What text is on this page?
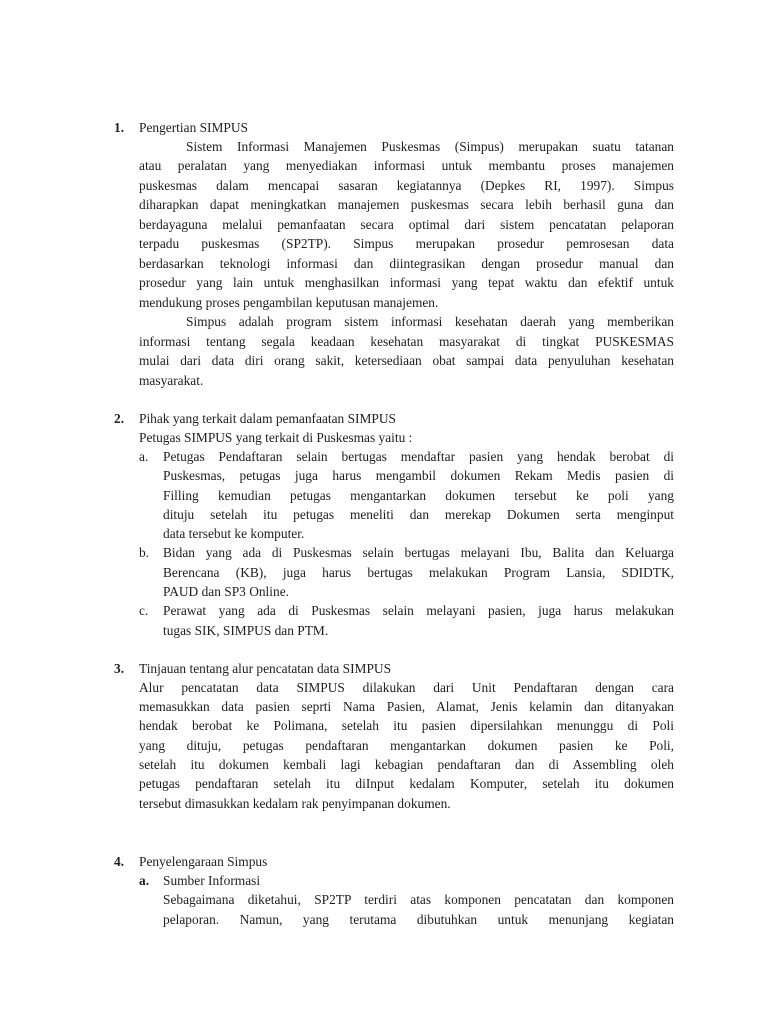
1. Pengertian SIMPUS
Sistem Informasi Manajemen Puskesmas (Simpus) merupakan suatu tatanan
atau peralatan yang menyediakan informasi untuk membantu proses manajemen
puskesmas dalam mencapai sasaran kegiatannya (Depkes RI, 1997). Simpus
diharapkan dapat meningkatkan manajemen puskesmas secara lebih berhasil guna dan
berdayaguna melalui pemanfaatan secara optimal dari sistem pencatatan pelaporan
terpadu puskesmas (SP2TP). Simpus merupakan prosedur pemrosesan data
berdasarkan teknologi informasi dan diintegrasikan dengan prosedur manual dan
prosedur yang lain untuk menghasilkan informasi yang tepat waktu dan efektif untuk
mendukung proses pengambilan keputusan manajemen.
Simpus adalah program sistem informasi kesehatan daerah yang memberikan
informasi tentang segala keadaan kesehatan masyarakat di tingkat PUSKESMAS
mulai dari data diri orang sakit, ketersediaan obat sampai data penyuluhan kesehatan
masyarakat.
2. Pihak yang terkait dalam pemanfaatan SIMPUS
Petugas SIMPUS yang terkait di Puskesmas yaitu :
a. Petugas Pendaftaran selain bertugas mendaftar pasien yang hendak berobat di
Puskesmas, petugas juga harus mengambil dokumen Rekam Medis pasien di
Filling kemudian petugas mengantarkan dokumen tersebut ke poli yang
dituju setelah itu petugas meneliti dan merekap Dokumen serta menginput
data tersebut ke komputer.
b. Bidan yang ada di Puskesmas selain bertugas melayani Ibu, Balita dan Keluarga
Berencana (KB), juga harus bertugas melakukan Program Lansia, SDIDTK,
PAUD dan SP3 Online.
c. Perawat yang ada di Puskesmas selain melayani pasien, juga harus melakukan
tugas SIK, SIMPUS dan PTM.
3. Tinjauan tentang alur pencatatan data SIMPUS
Alur pencatatan data SIMPUS dilakukan dari Unit Pendaftaran dengan cara
memasukkan data pasien seprti Nama Pasien, Alamat, Jenis kelamin dan ditanyakan
hendak berobat ke Polimana, setelah itu pasien dipersilahkan menunggu di Poli
yang dituju, petugas pendaftaran mengantarkan dokumen pasien ke Poli,
setelah itu dokumen kembali lagi kebagian pendaftaran dan di Assembling oleh
petugas pendaftaran setelah itu diInput kedalam Komputer, setelah itu dokumen
tersebut dimasukkan kedalam rak penyimpanan dokumen.
4. Penyelengaraan Simpus
a. Sumber Informasi
Sebagaimana diketahui, SP2TP terdiri atas komponen pencatatan dan komponen
pelaporan. Namun, yang terutama dibutuhkan untuk menunjang kegiatan
